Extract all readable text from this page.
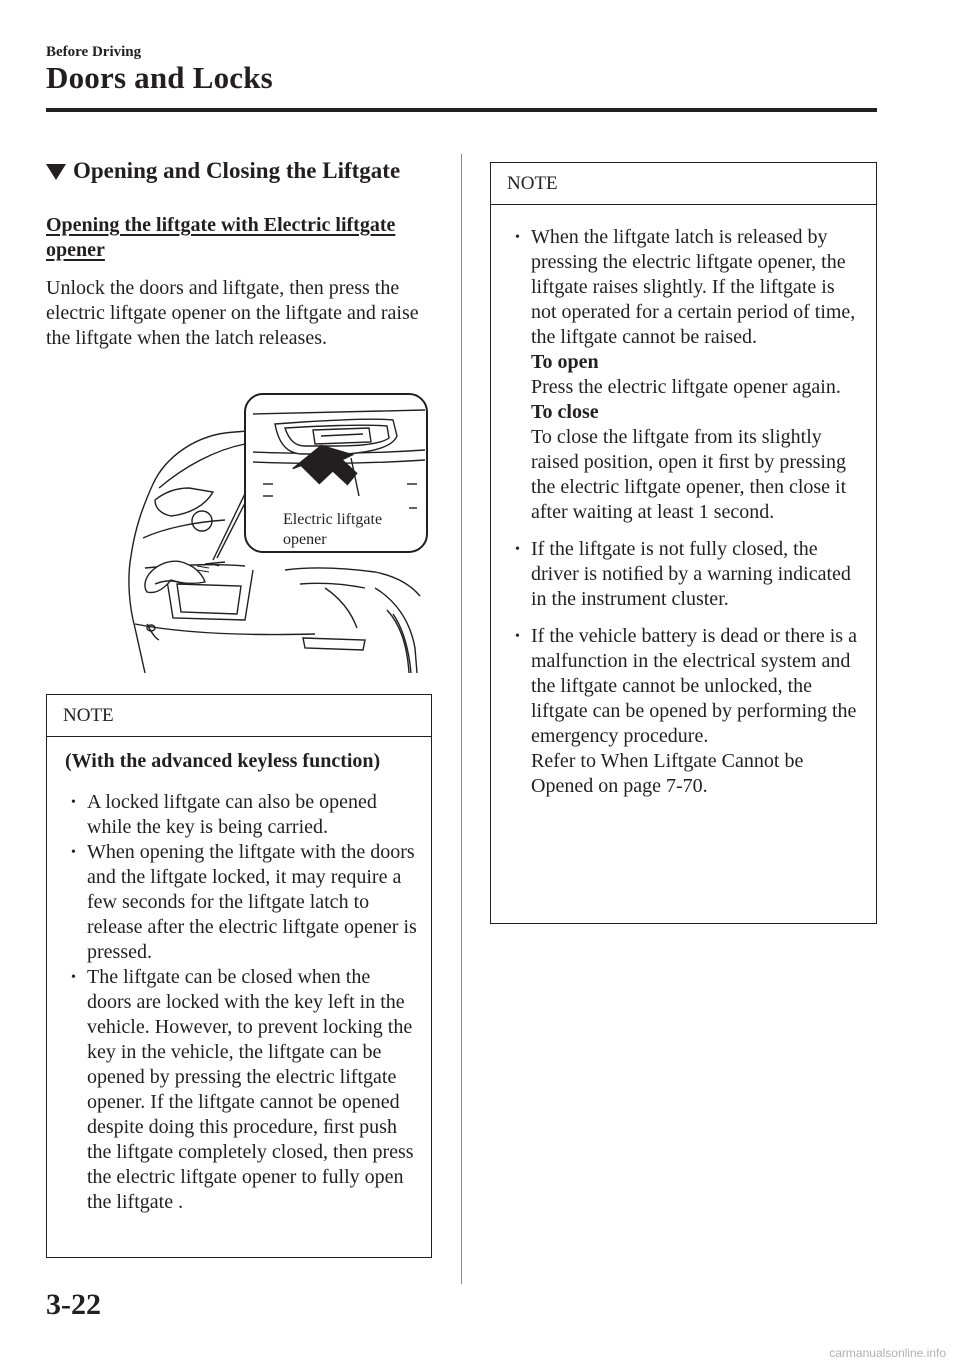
Before Driving
Doors and Locks
Opening and Closing the Liftgate
Opening the liftgate with Electric liftgate opener
Unlock the doors and liftgate, then press the electric liftgate opener on the liftgate and raise the liftgate when the latch releases.
Electric liftgate
opener
NOTE
(With the advanced keyless function)
• A locked liftgate can also be opened while the key is being carried.
• When opening the liftgate with the doors and the liftgate locked, it may require a few seconds for the liftgate latch to release after the electric liftgate opener is pressed.
• The liftgate can be closed when the doors are locked with the key left in the vehicle. However, to prevent locking the key in the vehicle, the liftgate can be opened by pressing the electric liftgate opener. If the liftgate cannot be opened despite doing this procedure, ﬁrst push the liftgate completely closed, then press the electric liftgate opener to fully open the liftgate .
NOTE
• When the liftgate latch is released by pressing the electric liftgate opener, the liftgate raises slightly. If the liftgate is not operated for a certain period of time, the liftgate cannot be raised.
To open
Press the electric liftgate opener again.
To close
To close the liftgate from its slightly raised position, open it ﬁrst by pressing the electric liftgate opener, then close it after waiting at least 1 second.
• If the liftgate is not fully closed, the driver is notiﬁed by a warning indicated in the instrument cluster.
• If the vehicle battery is dead or there is a malfunction in the electrical system and the liftgate cannot be unlocked, the liftgate can be opened by performing the emergency procedure.
Refer to When Liftgate Cannot be Opened on page 7-70.
3-22
carmanualsonline.info
